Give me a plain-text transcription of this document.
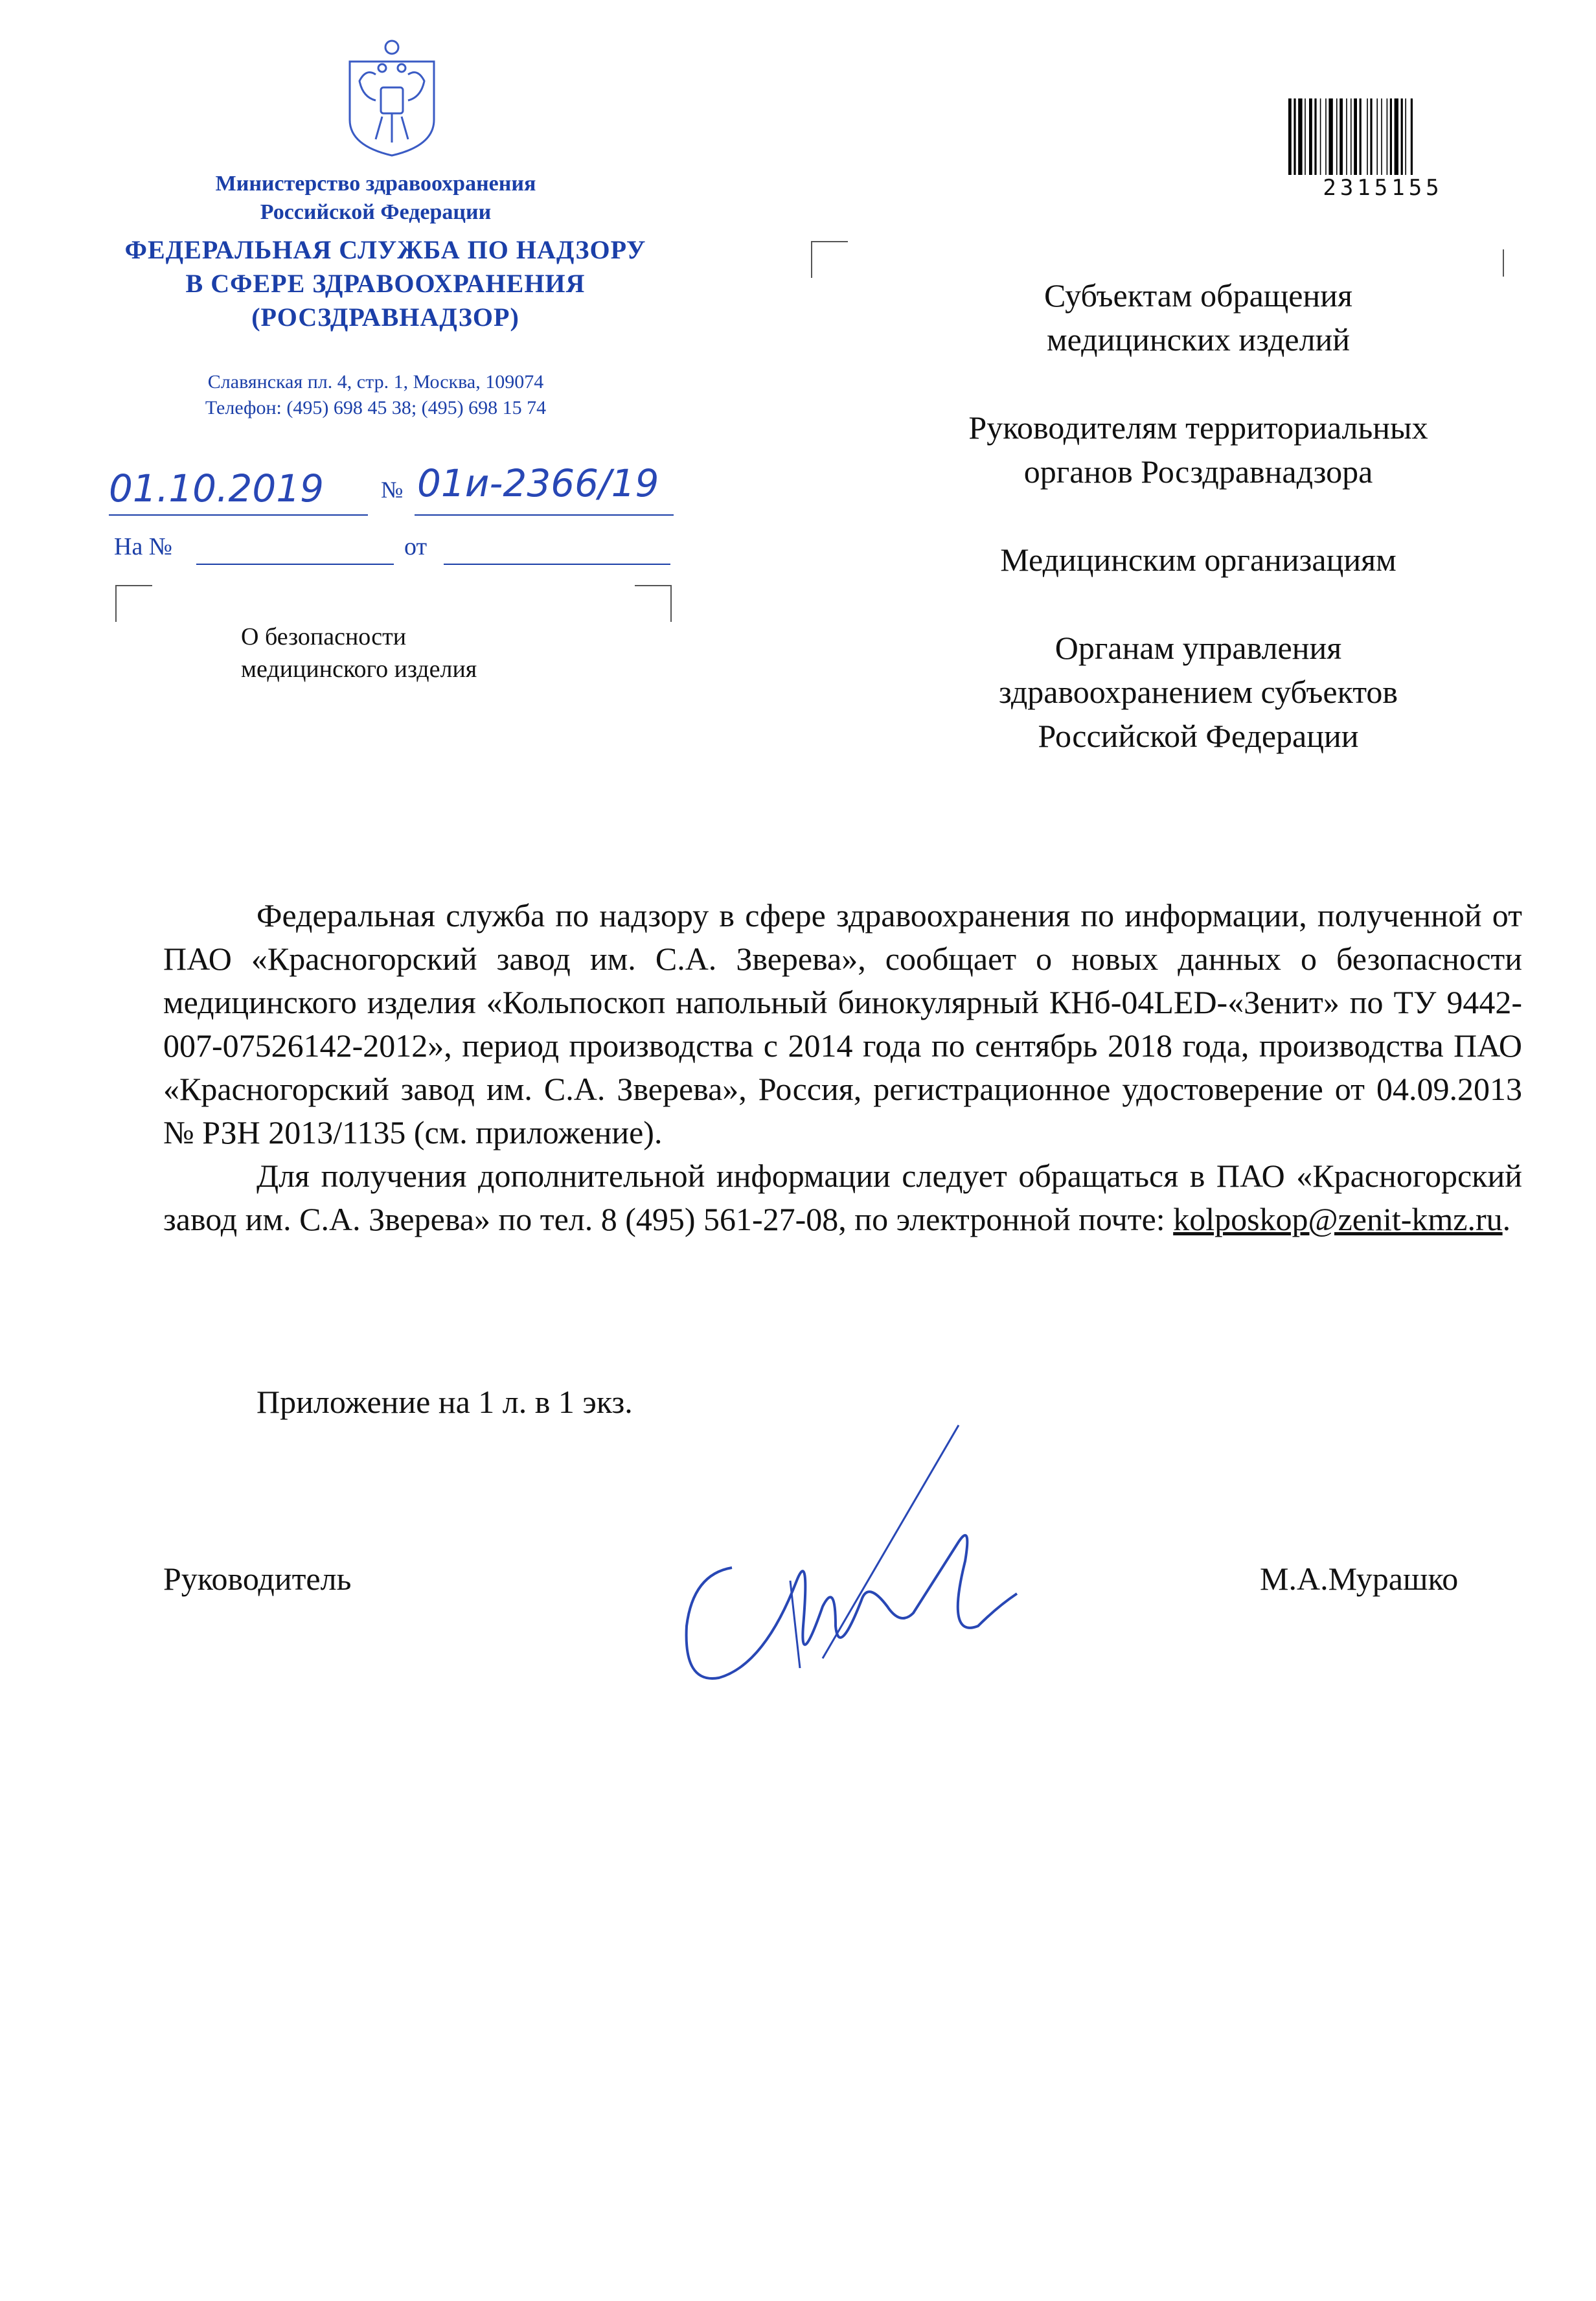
Министерство здравоохранения
Российской Федерации
ФЕДЕРАЛЬНАЯ СЛУЖБА ПО НАДЗОРУ
В СФЕРЕ ЗДРАВООХРАНЕНИЯ
(РОСЗДРАВНАДЗОР)
Славянская пл. 4, стр. 1, Москва, 109074
Телефон: (495) 698 45 38; (495) 698 15 74
01.10.2019	№ 01и-2366/19
На №	от
О безопасности
медицинского изделия
2315155
Субъектам обращения
медицинских изделий
Руководителям территориальных
органов Росздравнадзора
Медицинским организациям
Органам управления
здравоохранением субъектов
Российской Федерации

Федеральная служба по надзору в сфере здравоохранения по информации, полученной от ПАО «Красногорский завод им. С.А. Зверева», сообщает о новых данных о безопасности медицинского изделия «Кольпоскоп напольный бинокулярный КНб-04LED-«Зенит» по ТУ 9442-007-07526142-2012», период производства с 2014 года по сентябрь 2018 года, производства ПАО «Красногорский завод им. С.А. Зверева», Россия, регистрационное удостоверение от 04.09.2013 № РЗН 2013/1135 (см. приложение).

Для получения дополнительной информации следует обращаться в ПАО «Красногорский завод им. С.А. Зверева» по тел. 8 (495) 561-27-08, по электронной почте: kolposkop@zenit-kmz.ru.

Приложение на 1 л. в 1 экз.
Руководитель	М.А.Мурашко
